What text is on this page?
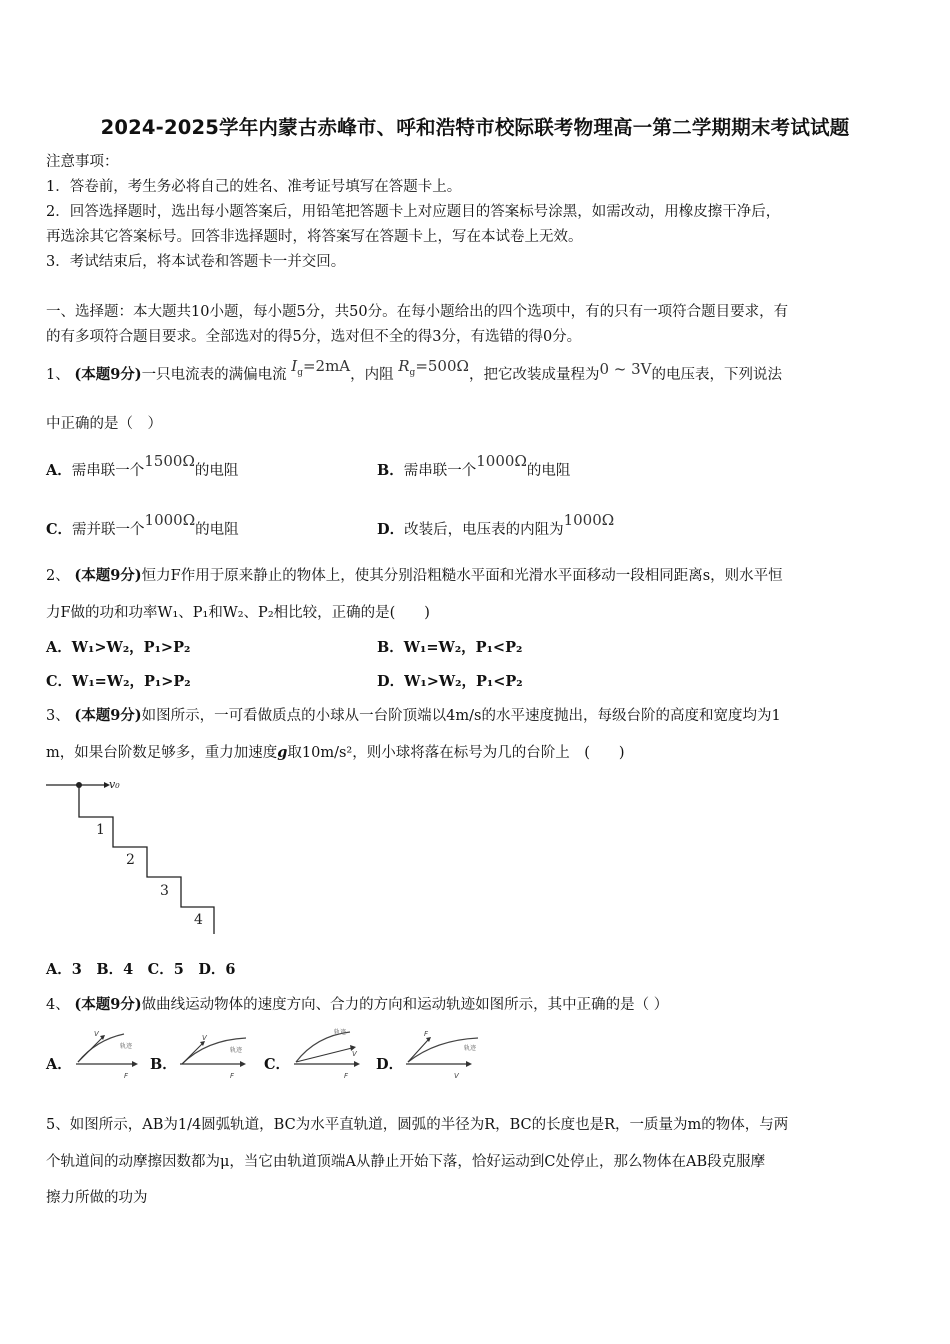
2024-2025学年内蒙古赤峰市、呼和浩特市校际联考物理高一第二学期期末考试试题
注意事项：
1．答卷前，考生务必将自己的姓名、准考证号填写在答题卡上。
2．回答选择题时，选出每小题答案后，用铅笔把答题卡上对应题目的答案标号涂黑，如需改动，用橡皮擦干净后，
再选涂其它答案标号。回答非选择题时，将答案写在答题卡上，写在本试卷上无效。
3．考试结束后，将本试卷和答题卡一并交回。
一、选择题：本大题共10小题，每小题5分，共50分。在每小题给出的四个选项中，有的只有一项符合题目要求，有
的有多项符合题目要求。全部选对的得5分，选对但不全的得3分，有选错的得0分。
1、 (本题9分)一只电流表的满偏电流 $I_g=2mA$，内阻 $R_g=500\Omega$，把它改装成量程为0 ~ 3V的电压表，下列说法
中正确的是（　）
A．需串联一个1500Ω的电阻	B．需串联一个1000Ω的电阻
C．需并联一个1000Ω的电阻	D．改装后，电压表的内阻为1000Ω
2、 (本题9分)恒力F作用于原来静止的物体上，使其分别沿粗糙水平面和光滑水平面移动一段相同距离s，则水平恒
力F做的功和功率W₁、P₁和W₂、P₂相比较，正确的是(　　)
A．W₁>W₂，P₁>P₂	B．W₁=W₂，P₁<P₂
C．W₁=W₂，P₁>P₂	D．W₁>W₂，P₁<P₂
3、 (本题9分)如图所示，一可看做质点的小球从一台阶顶端以4m/s的水平速度抛出，每级台阶的高度和宽度均为1
m，如果台阶数足够多，重力加速度g取10m/s²，则小球将落在标号为几的台阶上　(　　)
v₀
1
2
3
4
A．3　B．4　C．5　D．6
4、 (本题9分)做曲线运动物体的速度方向、合力的方向和运动轨迹如图所示，其中正确的是（ ）
A．
V
轨迹
F
B．
V
轨迹
F
C．
轨迹
V
F
D．
F
轨迹
V
5、如图所示，AB为1/4圆弧轨道，BC为水平直轨道，圆弧的半径为R，BC的长度也是R，一质量为m的物体，与两
个轨道间的动摩擦因数都为μ，当它由轨道顶端A从静止开始下落，恰好运动到C处停止，那么物体在AB段克服摩
擦力所做的功为
